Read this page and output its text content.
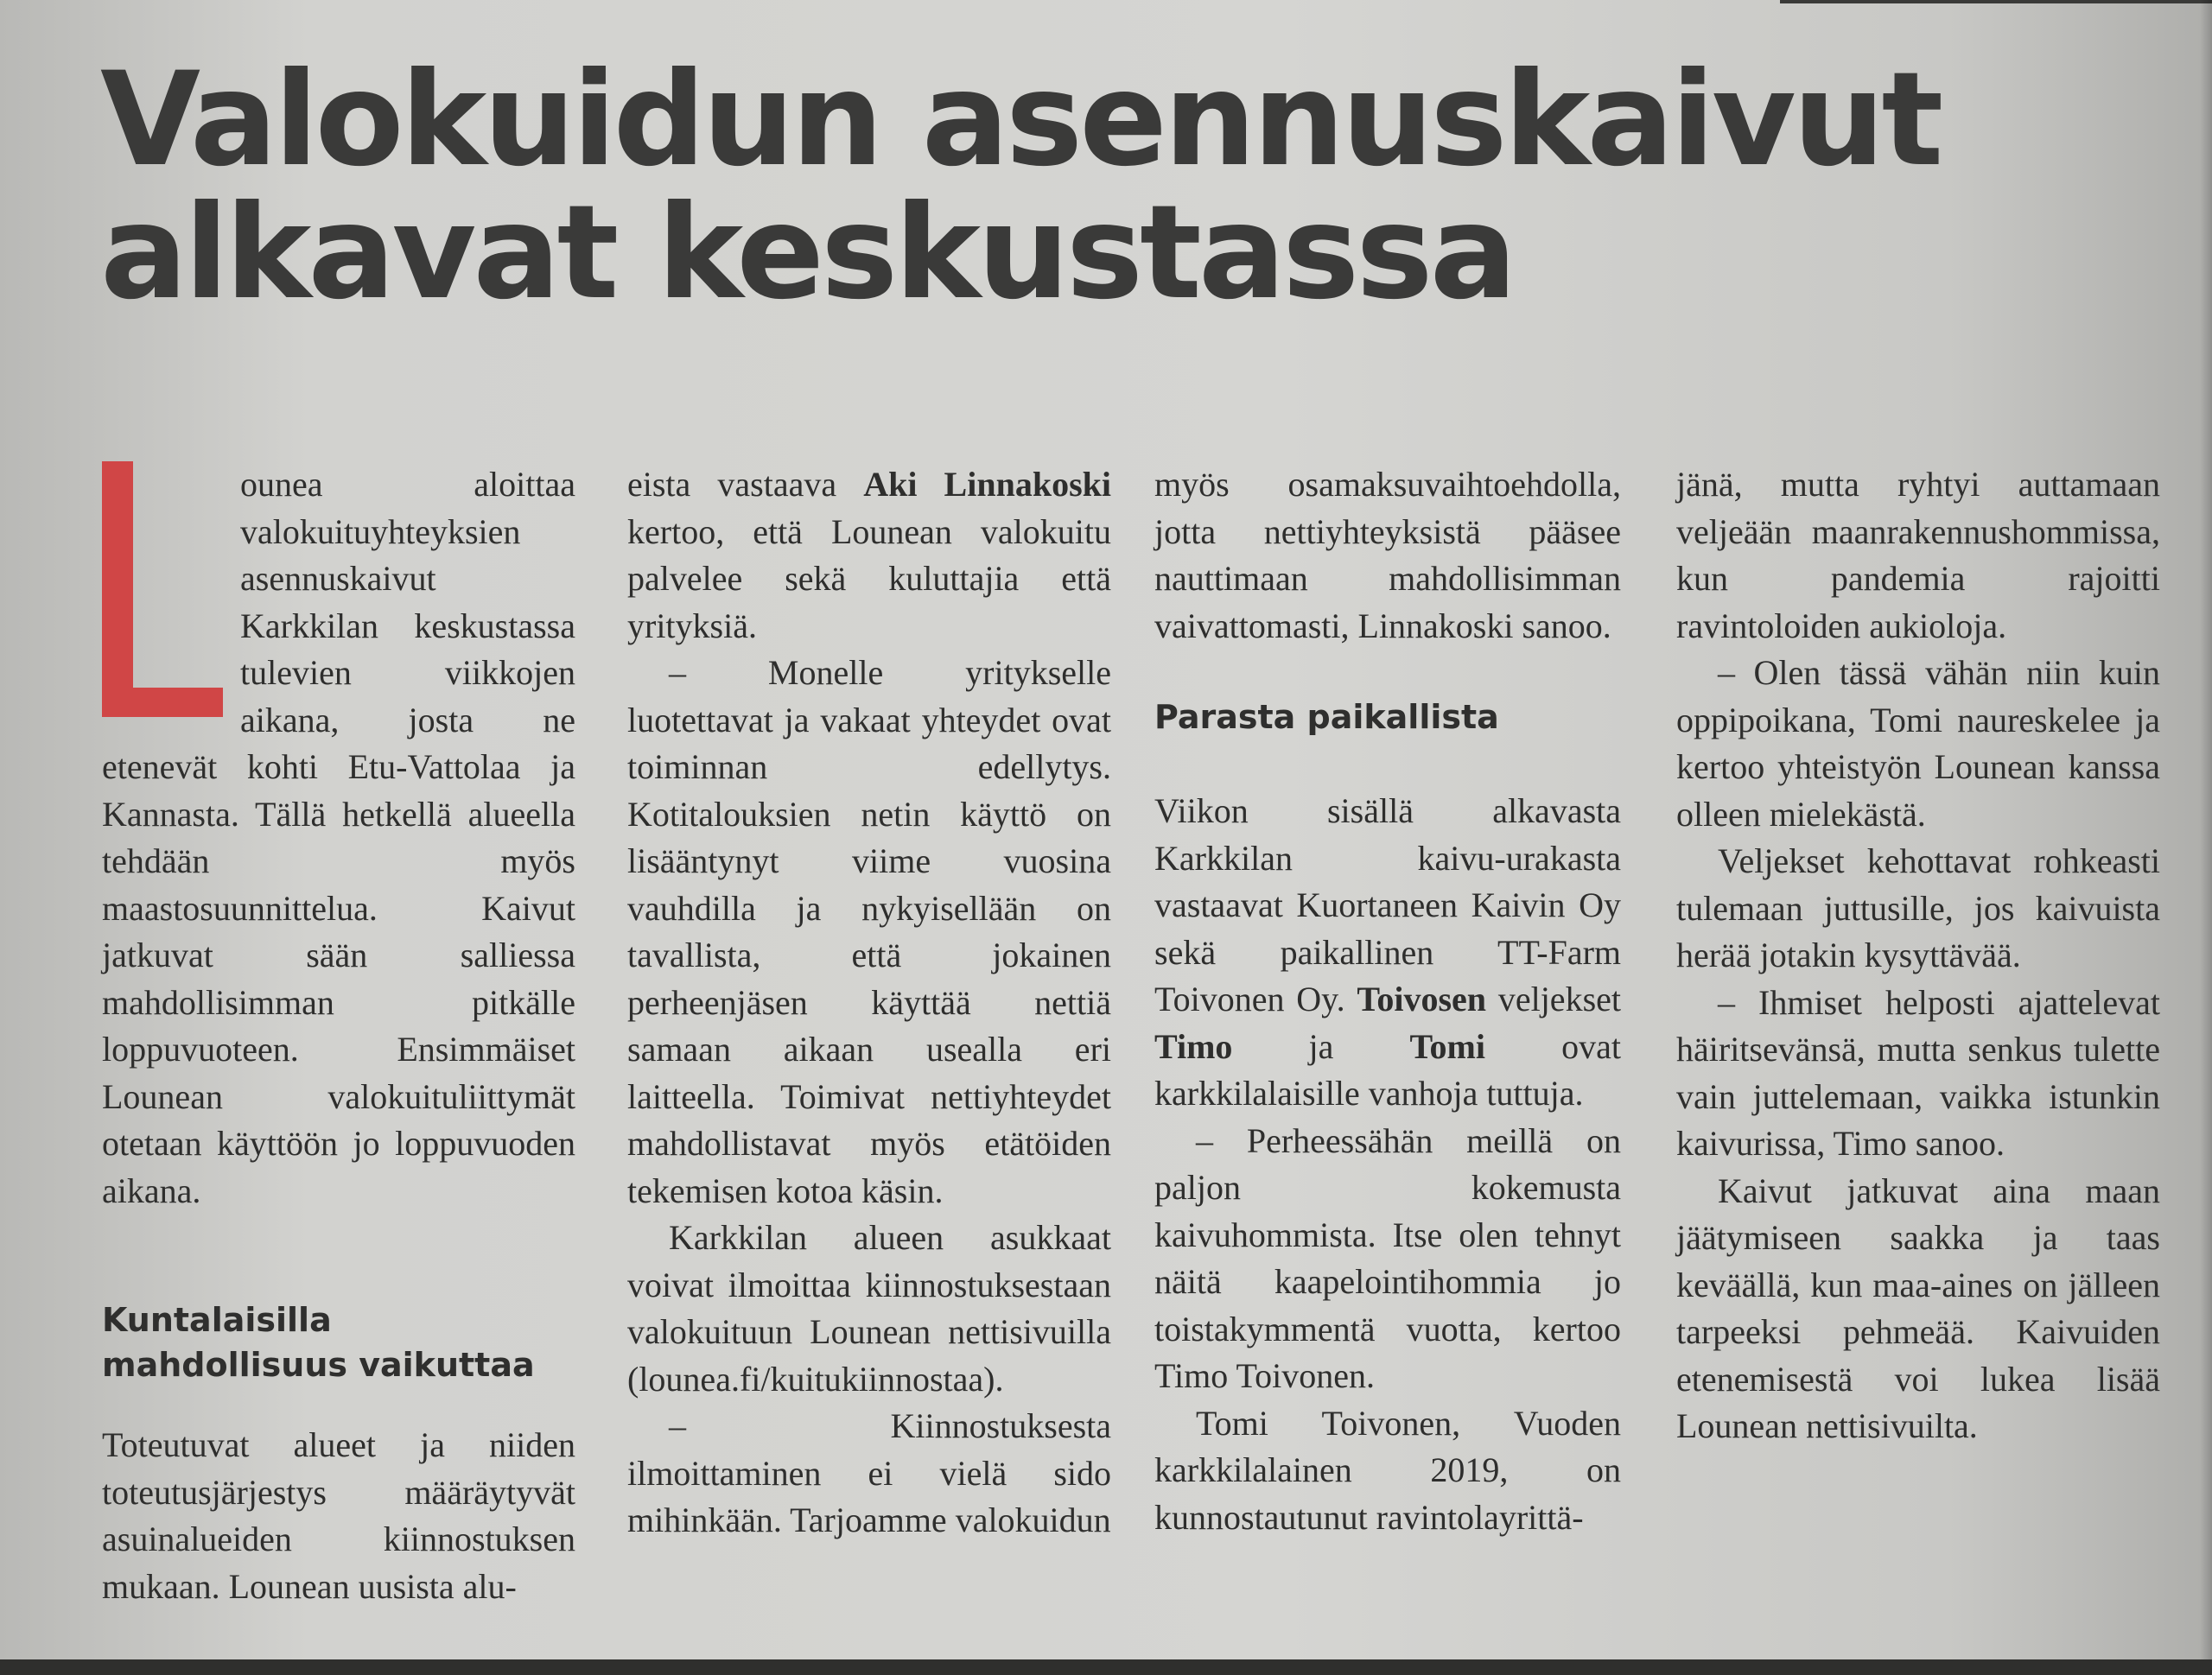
Valokuidun asennuskaivut
alkavat keskustassa

ounea aloittaa valokuituyhteyksien asennuskaivut Karkkilan keskustassa tulevien viikkojen aikana, josta ne etenevät kohti Etu-Vattolaa ja Kannasta. Tällä hetkellä alueella tehdään myös maastosuunnittelua. Kaivut jatkuvat sään salliessa mahdollisimman pitkälle loppuvuoteen. Ensimmäiset Lounean valokuituliittymät otetaan käyttöön jo loppuvuoden aikana.

Kuntalaisilla mahdollisuus vaikuttaa

Toteutuvat alueet ja niiden toteutusjärjestys määräytyvät asuinalueiden kiinnostuksen mukaan. Lounean uusista alu-

eista vastaava Aki Linnakoski kertoo, että Lounean valokuitu palvelee sekä kuluttajia että yrityksiä.

– Monelle yritykselle luotettavat ja vakaat yhteydet ovat toiminnan edellytys. Kotitalouksien netin käyttö on lisääntynyt viime vuosina vauhdilla ja nykyisellään on tavallista, että jokainen perheenjäsen käyttää nettiä samaan aikaan usealla eri laitteella. Toimivat nettiyhteydet mahdollistavat myös etätöiden tekemisen kotoa käsin.

Karkkilan alueen asukkaat voivat ilmoittaa kiinnostuksestaan valokuituun Lounean nettisivuilla (lounea.fi/kuitukiinnostaa).

– Kiinnostuksesta ilmoittaminen ei vielä sido mihinkään. Tarjoamme valokuidun

myös osamaksuvaihtoehdolla, jotta nettiyhteyksistä pääsee nauttimaan mahdollisimman vaivattomasti, Linnakoski sanoo.

Parasta paikallista

Viikon sisällä alkavasta Karkkilan kaivu-urakasta vastaavat Kuortaneen Kaivin Oy sekä paikallinen TT-Farm Toivonen Oy. Toivosen veljekset Timo ja Tomi ovat karkkilalaisille vanhoja tuttuja.

– Perheessähän meillä on paljon kokemusta kaivuhommista. Itse olen tehnyt näitä kaapelointihommia jo toistakymmentä vuotta, kertoo Timo Toivonen.

Tomi Toivonen, Vuoden karkkilalainen 2019, on kunnostautunut ravintolayrittä-

jänä, mutta ryhtyi auttamaan veljeään maanrakennushommissa, kun pandemia rajoitti ravintoloiden aukioloja.

– Olen tässä vähän niin kuin oppipoikana, Tomi naureskelee ja kertoo yhteistyön Lounean kanssa olleen mielekästä.

Veljekset kehottavat rohkeasti tulemaan juttusille, jos kaivuista herää jotakin kysyttävää.

– Ihmiset helposti ajattelevat häiritsevänsä, mutta senkus tulette vain juttelemaan, vaikka istunkin kaivurissa, Timo sanoo.

Kaivut jatkuvat aina maan jäätymiseen saakka ja taas keväällä, kun maa-aines on jälleen tarpeeksi pehmeää. Kaivuiden etenemisestä voi lukea lisää Lounean nettisivuilta.
